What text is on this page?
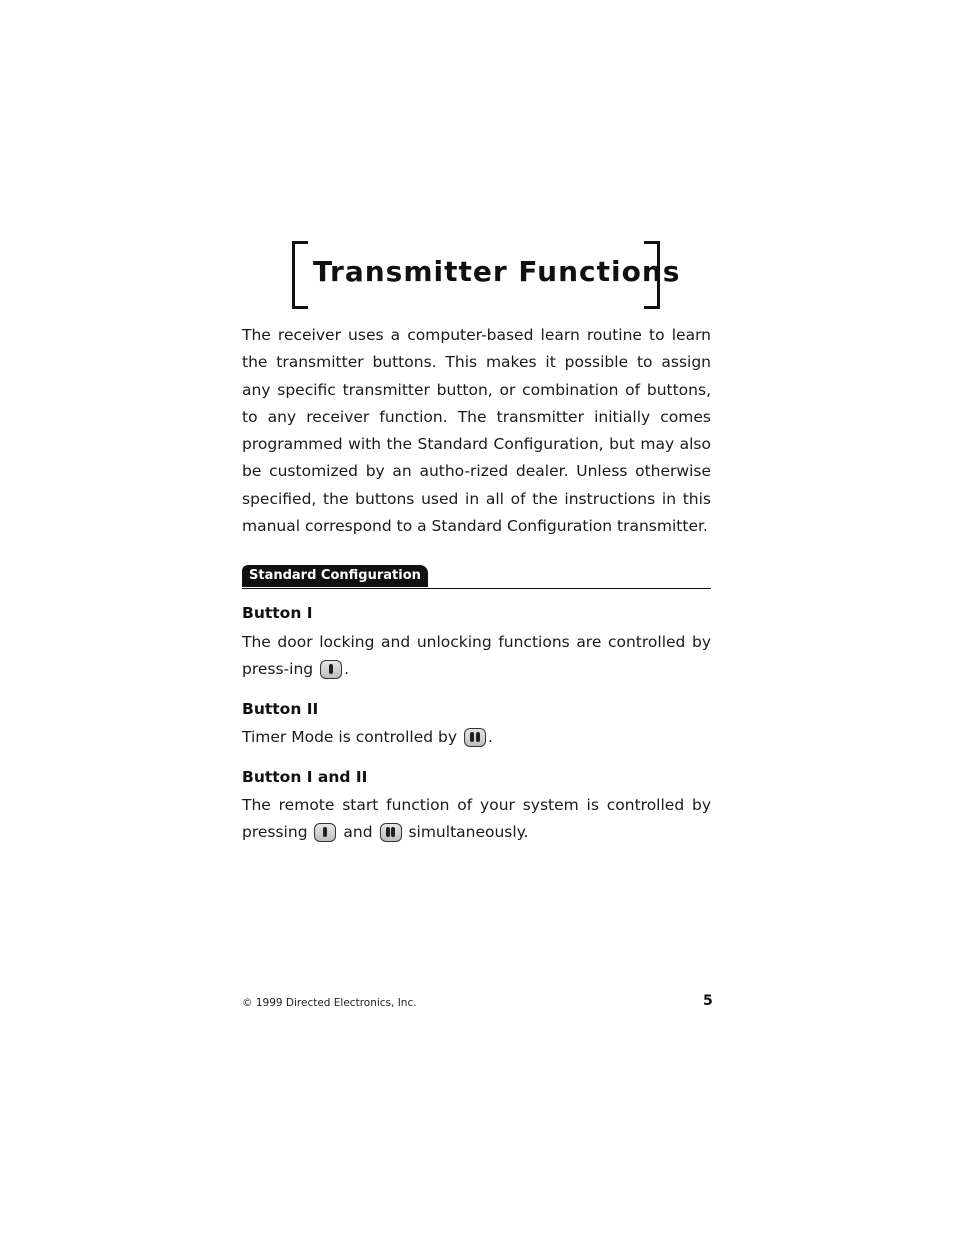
Transmitter Functions
The receiver uses a computer-based learn routine to learn the transmitter buttons. This makes it possible to assign any specific transmitter button, or combination of buttons, to any receiver function. The transmitter initially comes programmed with the Standard Configuration, but may also be customized by an autho-rized dealer. Unless otherwise specified, the buttons used in all of the instructions in this manual correspond to a Standard Configuration transmitter.
Standard Configuration
Button I
The door locking and unlocking functions are controlled by press-ing .
Button II
Timer Mode is controlled by .
Button I and II
The remote start function of your system is controlled by pressing and simultaneously.
© 1999 Directed Electronics, Inc.	5
